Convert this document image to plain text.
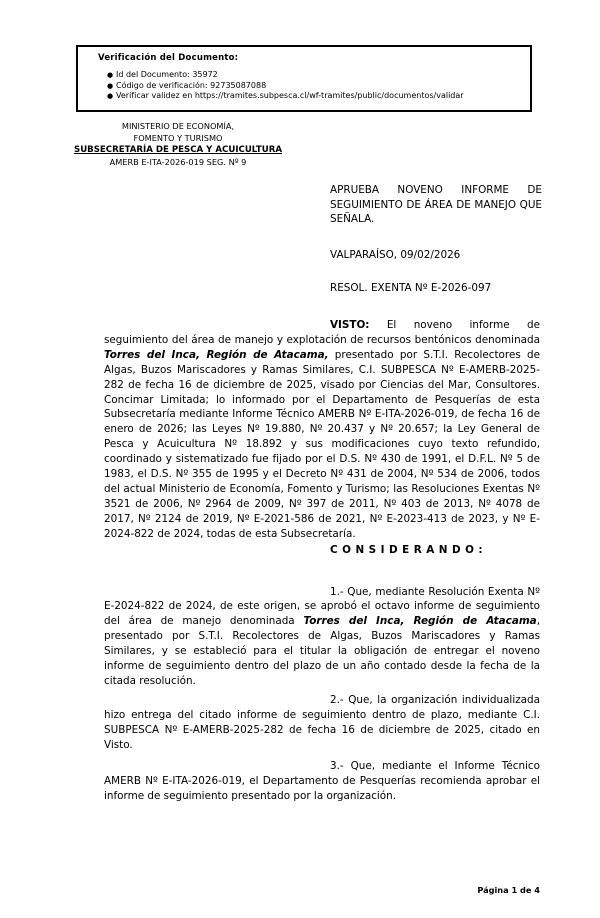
Verificación del Documento:
● Id del Documento: 35972
● Código de verificación: 92735087088
● Verificar validez en https://tramites.subpesca.cl/wf-tramites/public/documentos/validar
MINISTERIO DE ECONOMÍA,
FOMENTO Y TURISMO
SUBSECRETARÍA DE PESCA Y ACUICULTURA
AMERB E-ITA-2026-019 SEG. Nº 9
APRUEBA NOVENO INFORME DE SEGUIMIENTO DE ÁREA DE MANEJO QUE SEÑALA.
VALPARAÍSO, 09/02/2026
RESOL. EXENTA Nº E-2026-097

VISTO: El noveno informe de seguimiento del área de manejo y explotación de recursos bentónicos denominada Torres del Inca, Región de Atacama, presentado por S.T.I. Recolectores de Algas, Buzos Mariscadores y Ramas Similares, C.I. SUBPESCA Nº E-AMERB-2025-282 de fecha 16 de diciembre de 2025, visado por Ciencias del Mar, Consultores. Concimar Limitada; lo informado por el Departamento de Pesquerías de esta Subsecretaría mediante Informe Técnico AMERB Nº E-ITA-2026-019, de fecha 16 de enero de 2026; las Leyes Nº 19.880, Nº 20.437 y Nº 20.657; la Ley General de Pesca y Acuicultura Nº 18.892 y sus modificaciones cuyo texto refundido, coordinado y sistematizado fue fijado por el D.S. Nº 430 de 1991, el D.F.L. Nº 5 de 1983, el D.S. Nº 355 de 1995 y el Decreto Nº 431 de 2004, Nº 534 de 2006, todos del actual Ministerio de Economía, Fomento y Turismo; las Resoluciones Exentas Nº 3521 de 2006, Nº 2964 de 2009, Nº 397 de 2011, Nº 403 de 2013, Nº 4078 de 2017, Nº 2124 de 2019, Nº E-2021-586 de 2021, Nº E-2023-413 de 2023, y Nº E-2024-822 de 2024, todas de esta Subsecretaría.

CONSIDERANDO:

1.- Que, mediante Resolución Exenta Nº E-2024-822 de 2024, de este origen, se aprobó el octavo informe de seguimiento del área de manejo denominada Torres del Inca, Región de Atacama, presentado por S.T.I. Recolectores de Algas, Buzos Mariscadores y Ramas Similares, y se estableció para el titular la obligación de entregar el noveno informe de seguimiento dentro del plazo de un año contado desde la fecha de la citada resolución.

2.- Que, la organización individualizada hizo entrega del citado informe de seguimiento dentro de plazo, mediante C.I. SUBPESCA Nº E-AMERB-2025-282 de fecha 16 de diciembre de 2025, citado en Visto.

3.- Que, mediante el Informe Técnico AMERB Nº E-ITA-2026-019, el Departamento de Pesquerías recomienda aprobar el informe de seguimiento presentado por la organización.

Página 1 de 4
